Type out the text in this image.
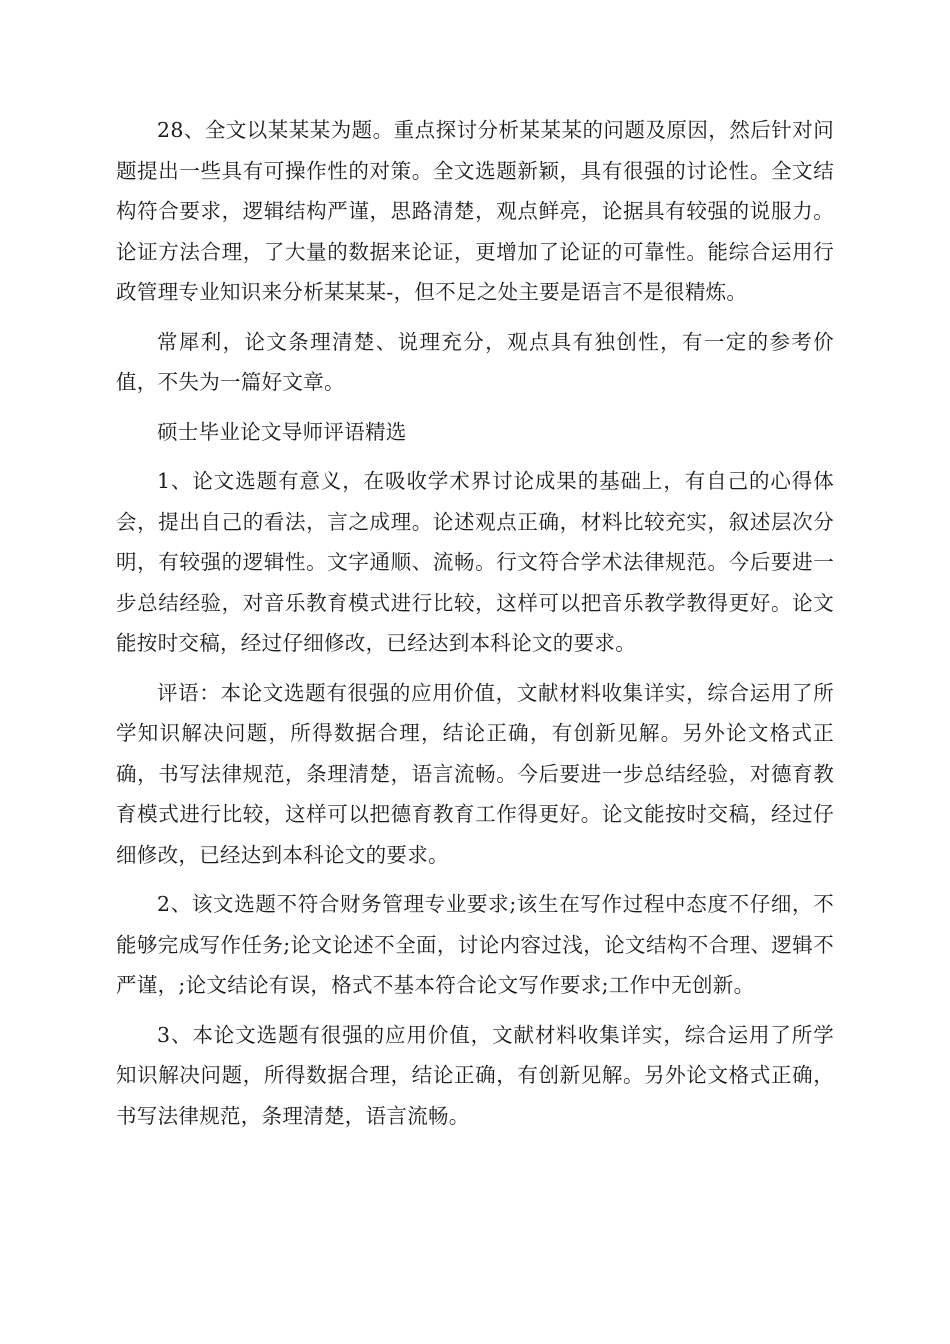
28、全文以某某某为题。重点探讨分析某某某的问题及原因，然后针对问题提出一些具有可操作性的对策。全文选题新颖，具有很强的讨论性。全文结构符合要求，逻辑结构严谨，思路清楚，观点鲜亮，论据具有较强的说服力。论证方法合理，了大量的数据来论证，更增加了论证的可靠性。能综合运用行政管理专业知识来分析某某某-，但不足之处主要是语言不是很精炼。

常犀利，论文条理清楚、说理充分，观点具有独创性，有一定的参考价值，不失为一篇好文章。

硕士毕业论文导师评语精选

1、论文选题有意义，在吸收学术界讨论成果的基础上，有自己的心得体会，提出自己的看法，言之成理。论述观点正确，材料比较充实，叙述层次分明，有较强的逻辑性。文字通顺、流畅。行文符合学术法律规范。今后要进一步总结经验，对音乐教育模式进行比较，这样可以把音乐教学教得更好。论文能按时交稿，经过仔细修改，已经达到本科论文的要求。

评语：本论文选题有很强的应用价值，文献材料收集详实，综合运用了所学知识解决问题，所得数据合理，结论正确，有创新见解。另外论文格式正确，书写法律规范，条理清楚，语言流畅。今后要进一步总结经验，对德育教育模式进行比较，这样可以把德育教育工作得更好。论文能按时交稿，经过仔细修改，已经达到本科论文的要求。

2、该文选题不符合财务管理专业要求;该生在写作过程中态度不仔细，不能够完成写作任务;论文论述不全面，讨论内容过浅，论文结构不合理、逻辑不严谨，;论文结论有误，格式不基本符合论文写作要求;工作中无创新。

3、本论文选题有很强的应用价值，文献材料收集详实，综合运用了所学知识解决问题，所得数据合理，结论正确，有创新见解。另外论文格式正确，书写法律规范，条理清楚，语言流畅。
